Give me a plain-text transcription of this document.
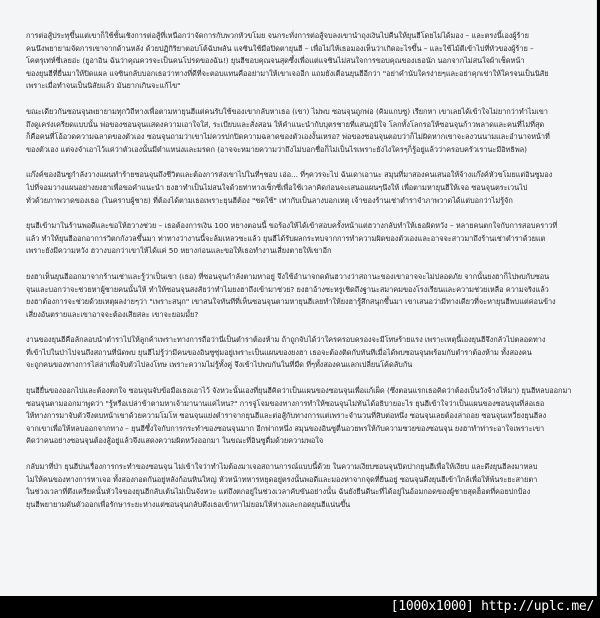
การต่อสู้ประทุขึ้นแต่เขาก็ใช้ชั้นเชิงการต่อสู้ที่เหนือกว่าจัดการกับพวกหัวขโมย จนกระทั่งการต่อสู้จบลงเขานำถุงเงินไปคืนให้ยุนฮีโดยไม่ได้มอง – และตรงนี้เองผู้ร้าย
คนนึงพยายามจัดการเขาจากด้านหลัง ด้วยปฏิกิริยาตอบโต้ฉับพลัน แจซินใช้มือปิดตายุนฮี – เพื่อไม่ให้เธอมองเห็นว่าเกิดอะไรขึ้น – และใช้ไม้ตีเข้าไปที่หัวของผู้ร้าย –
โคตรุเท่ห์ซี่เลยอ่ะ (ยูอาอิน ฉันว่าคุณควรจะเป็นคนโปรดของฉัน!) ยุนฮีขอบคุณจนสุดซึ้งเพื่อแต่แจซินไม่สนใจการขอบคุณของเธอนัก นอกจากไม่สนใจผ้าเช็ดหน้า
ของยุนฮีที่ยื่นมาให้ปิดแผล แจซินกลับบอกเธอว่าทางที่ดีที่จะตอบแทนคืออย่ามาให้เขาเจออีก แถมยังเตือนยุนฮีอีกว่า "อย่าคำนับใครง่ายๆและอย่าคุกเข่าให้ใครจนเป็นนิสัย
เพราะเมื่อทำจนเป็นนิสัยแล้ว มันยากเกินจะแก้ไข"

ขณะเดียวกันซอนจุนพยายามทุกวิถีทางเพื่อตามหายุนฮีแต่คนรับใช้ของเขากลับหาเธอ (เขา) ไม่พบ ซอนจุนถูกพ่อ (คิมแกบซู) เรียกหา เขาเลยได้เข้าใจไม่ยากว่าทำไมเขา
ถึงดูเคร่งเครียดแบบนั้น พ่อของซอนจุนแสดงความเอาใจใส่, ระเบียบและสั่งสอน ให้คำแนะนำกับบุตรชายที่แสนภูมิใจ โลกทั้งโลกรอให้ซอนจุนก้าวพลาดและคนที่ไม่ที่สุด
ก็คือคนที่โอ้อวดความฉลาดของตัวเอง ซอนจุนถามว่าเขาไม่ควรปกปิดความฉลาดของตัวเองงั้นเหรอ? พ่อของซอนจุนตอบว่าก็ไม่ผิดหากเขาจะลงวนนามและอำนาจหน้าที่
ของตัวเอง แต่จงจำเอาไว้แค่ว่าตัวเองนั้นมีตำแหน่งและมรดก (อาจจะหมายความว่าถึงไม่บอกชื่อก็ไม่เป็นไรเพราะยังไงใครๆก็รู้อยู่แล้วว่าครอบครัวเรานะมีอิทธิพล)

แก๊งค์ของอินซูกำลังวางแผนทำร้ายซอนจุนถึงชีวิตและต้องการส่งเขาไปในที่ๆชอบ เอ่อ... ที่ๆควรจะไป ฉันเดาเอานะ สมุนที่มาสองคนเสนอให้จ้างแก๊งค์หัวขโมยแต่อินซูมอง
ไปที่จอมวางแผนอย่างยงฮาเพื่อขอคำแนะนำ ยงฮาทำเป็นไม่สนใจด้วยท่าทางเซ็กซี่เพื่อใช้เวลาคิดก่อนจะเสนอแผนๆนึงให้ เพื่อตามหายุนฮีให้เจอ ซอนจุนตระเวนไป
ทั่วด้วยภาพวาดของเธอ (ในคราบผู้ชาย) ที่ต้องได้ตามเธอเพราะยุนฮีต้อง "ชดใช้" เท่ากับเป็นลางบอกเหตุ เจ้าของร้านเช่าตำราจำภาพวาดได้แต่บอกว่าไม่รู้จัก

ยุนฮีเข้ามาในร้านพอดีและขอให้ฮวางช่วย – เธอต้องการเงิน 100 หยางตอนนี้ ขอร้องให้ได้เข้าสอบครั้งหน้าแต่ฮวางกลับทำให้เธอผิดหวัง – หลายคนตกใจกับการสอบคราวที่
แล้ว ทำให้ยุนฮีออกอาการวิตกกังวลขึ้นมา ท่าทางว่างานนี้จะล้มเหลวซะแล้ว ยุนฮีได้รับผลกระทบจากการทำความผิดของตัวเองและอาจจะสาวมาถึงร้านเช่าตำราด้วยแต
เพราะยังมีความหวัง ฮวางบอกว่าเขาให้ได้แค่ 50 หยางก่อนและขอให้เธอทำงานเสี่ยงตายให้เขาอีก

ยงฮาเห็นยุนฮีออกมาจากร้านเช่าและรู้ว่าเป็นเขา (เธอ) ที่ซอนจุนกำลังตามหาอยู่ จึงใช้อำนาจกดดันฮวางว่าสถานะของเขาอาจจะไม่ปลอดภัย จากนั้นยงฮาก็ไปพบกับซอน
จุนและบอกว่าจะช่วยหาผู้ชายคนนั้นให้ ทำให้ซอนจุนสงสัยว่าทำไมยงฮาถึงเข้ามาช่วย? ยงฮาอ้างซะหรูเชิดถึงฐานะสมาคมของโรงเรียนและความช่วยเหลือ ความจริงแล้ว
ยงฮาต้องการจะช่วยด้วยเหตุผลง่ายๆว่า "เพราะสนุก" เขาสนใจทันทีที่เห็นซอนจุนตามหายุนฮีเลยทำให้ยงฮารู้สึกสนุกขึ้นมา เขาเสนอว่ามีทางเดียวที่จะหายุนฮีพบแต่ค่อนข้าง
เสี่ยงอันตรายและเขาอาจจะต้องเสียสละ เขาจะยอมมั้ย?

งานของยุนฮีคือลักลอบนำตำราไปให้ลูกค้าเพราะทางการถือว่านี่เป็นตำราต้องห้าม ถ้าถูกจับได้ว่าใครครอบครองจะมีโทษร้ายแรง เพราะเหตุนี้เองยุนฮีจึงกลัวไปตลอดทาง
ที่เข้าไปในป่าไปจนถึงสถานที่นัดพบ ยุนฮีไม่รู้ว่ามีคนของอินซูซุ่มอยู่เพราะเป็นแผนของยงฮา เธอจะต้องติดกับทันทีเมื่อได้พบซอนจุนพร้อมกับตำราต้องห้าม ทั้งสองคน
จะถูกคนของทางการไล่ล่าเพื่อจับตัวไปลงโทษ เพราะความไม่รู้ทั้งคู่ จึงเข้าไปพบกันในที่มืด ที่ๆทั้งสองคนแลกเปลี่ยนโค้ดลับกัน

ยุนฮียื่นของออกไปและต้องตกใจ ซอนจุนจับข้อมือเธอเอาไว้ จังหวะนั้นเองที่ยุนฮีคิดว่าเป็นแผนของซอนจุนเพื่อแก้เผ็ด (ซึ่งตอนแรกเธอคิดว่าต้องเป็นวังจ้างให้มา) ยุนฮีหลบออกมา
ซอนจุนตามออกมาพูดว่า "รู้หรือเปล่าข้าตามหาเจ้ามานานแค่ไหน?" การจู่โจมของทางการทำให้ซอนจุนไม่ทันได้อธิบายอะไร ยุนฮีเข้าใจว่าเป็นแผนของซอนจุนที่ล่อเธอ
ให้ทางการมาจับตัวจึงตบหน้าเขาด้วยความโมโห ซอนจุนแย่งตำราจากยุนฮีและต่อสู้กับทางการแต่เพราะจำนวนที่สิบต่อหนึ่ง ซอนจุนเลยต้องล่าถอย ซอนจุนเหวี่ยงยุนฮีลง
จากเขาเพื่อให้หลบออกจากทาง – ยุนฮีซึ้งใจกับการกระทำของซอนจุนมาก อีกฟากหนึ่ง สมุนของอินซูตื่นอวยพรให้กับความซวยของซอนจุน ยงฮาทำท่าระอาใจเพราะเขา
คิดว่าคนอย่างซอนจุนต้องสู้อยู่แล้วจึงแสดงความผิดหวังออกมา ในขณะที่อินซูดื่มด้วยความพอใจ

กลับมาที่ป่า ยุนฮีบ่นเรื่องการกระทำของซอนจุน ไม่เข้าใจว่าทำไมต้องมาเจอสถานการณ์แบบนี้ด้วย ในความเงียบซอนจุนปิดปากยุนฮีเพื่อให้เงียบ และดึงยุนฮีลงมาหลบ
ไม่ให้คนของทางการหาเจอ ทั้งสองกอดกันอยู่หลังก้อนหินใหญ่ หัวหน้าทหารหยุดอยู่ตรงนั้นพอดีและมองหาจากจุดที่ยืนอยู่ ซอนจุนดึงยุนฮีเข้าใกล้เพื่อให้พ้นระยะสายตา
ในช่วงเวลาที่ตึงเครียดนั้นหัวใจของยุนฮีกลับเต้นไม่เป็นจังหวะ แต่ถึงตกอยู่ในช่วงเวลาคับขันอย่างนั้น ฉันยังยืนดีนะที่ได้อยู่ในอ้อมกอดของผู้ชายสุดฮ็อตที่คอยปกป้อง
ยุนฮีพยายามดันตัวออกเพื่อรักษาระยะห่างแต่ซอนจุนกลับดึงเธอเข้าหาไม่ยอมให้ห่างและกอดยุนฮีแน่นขึ้น

[1000x1000] http://uplc.me/
